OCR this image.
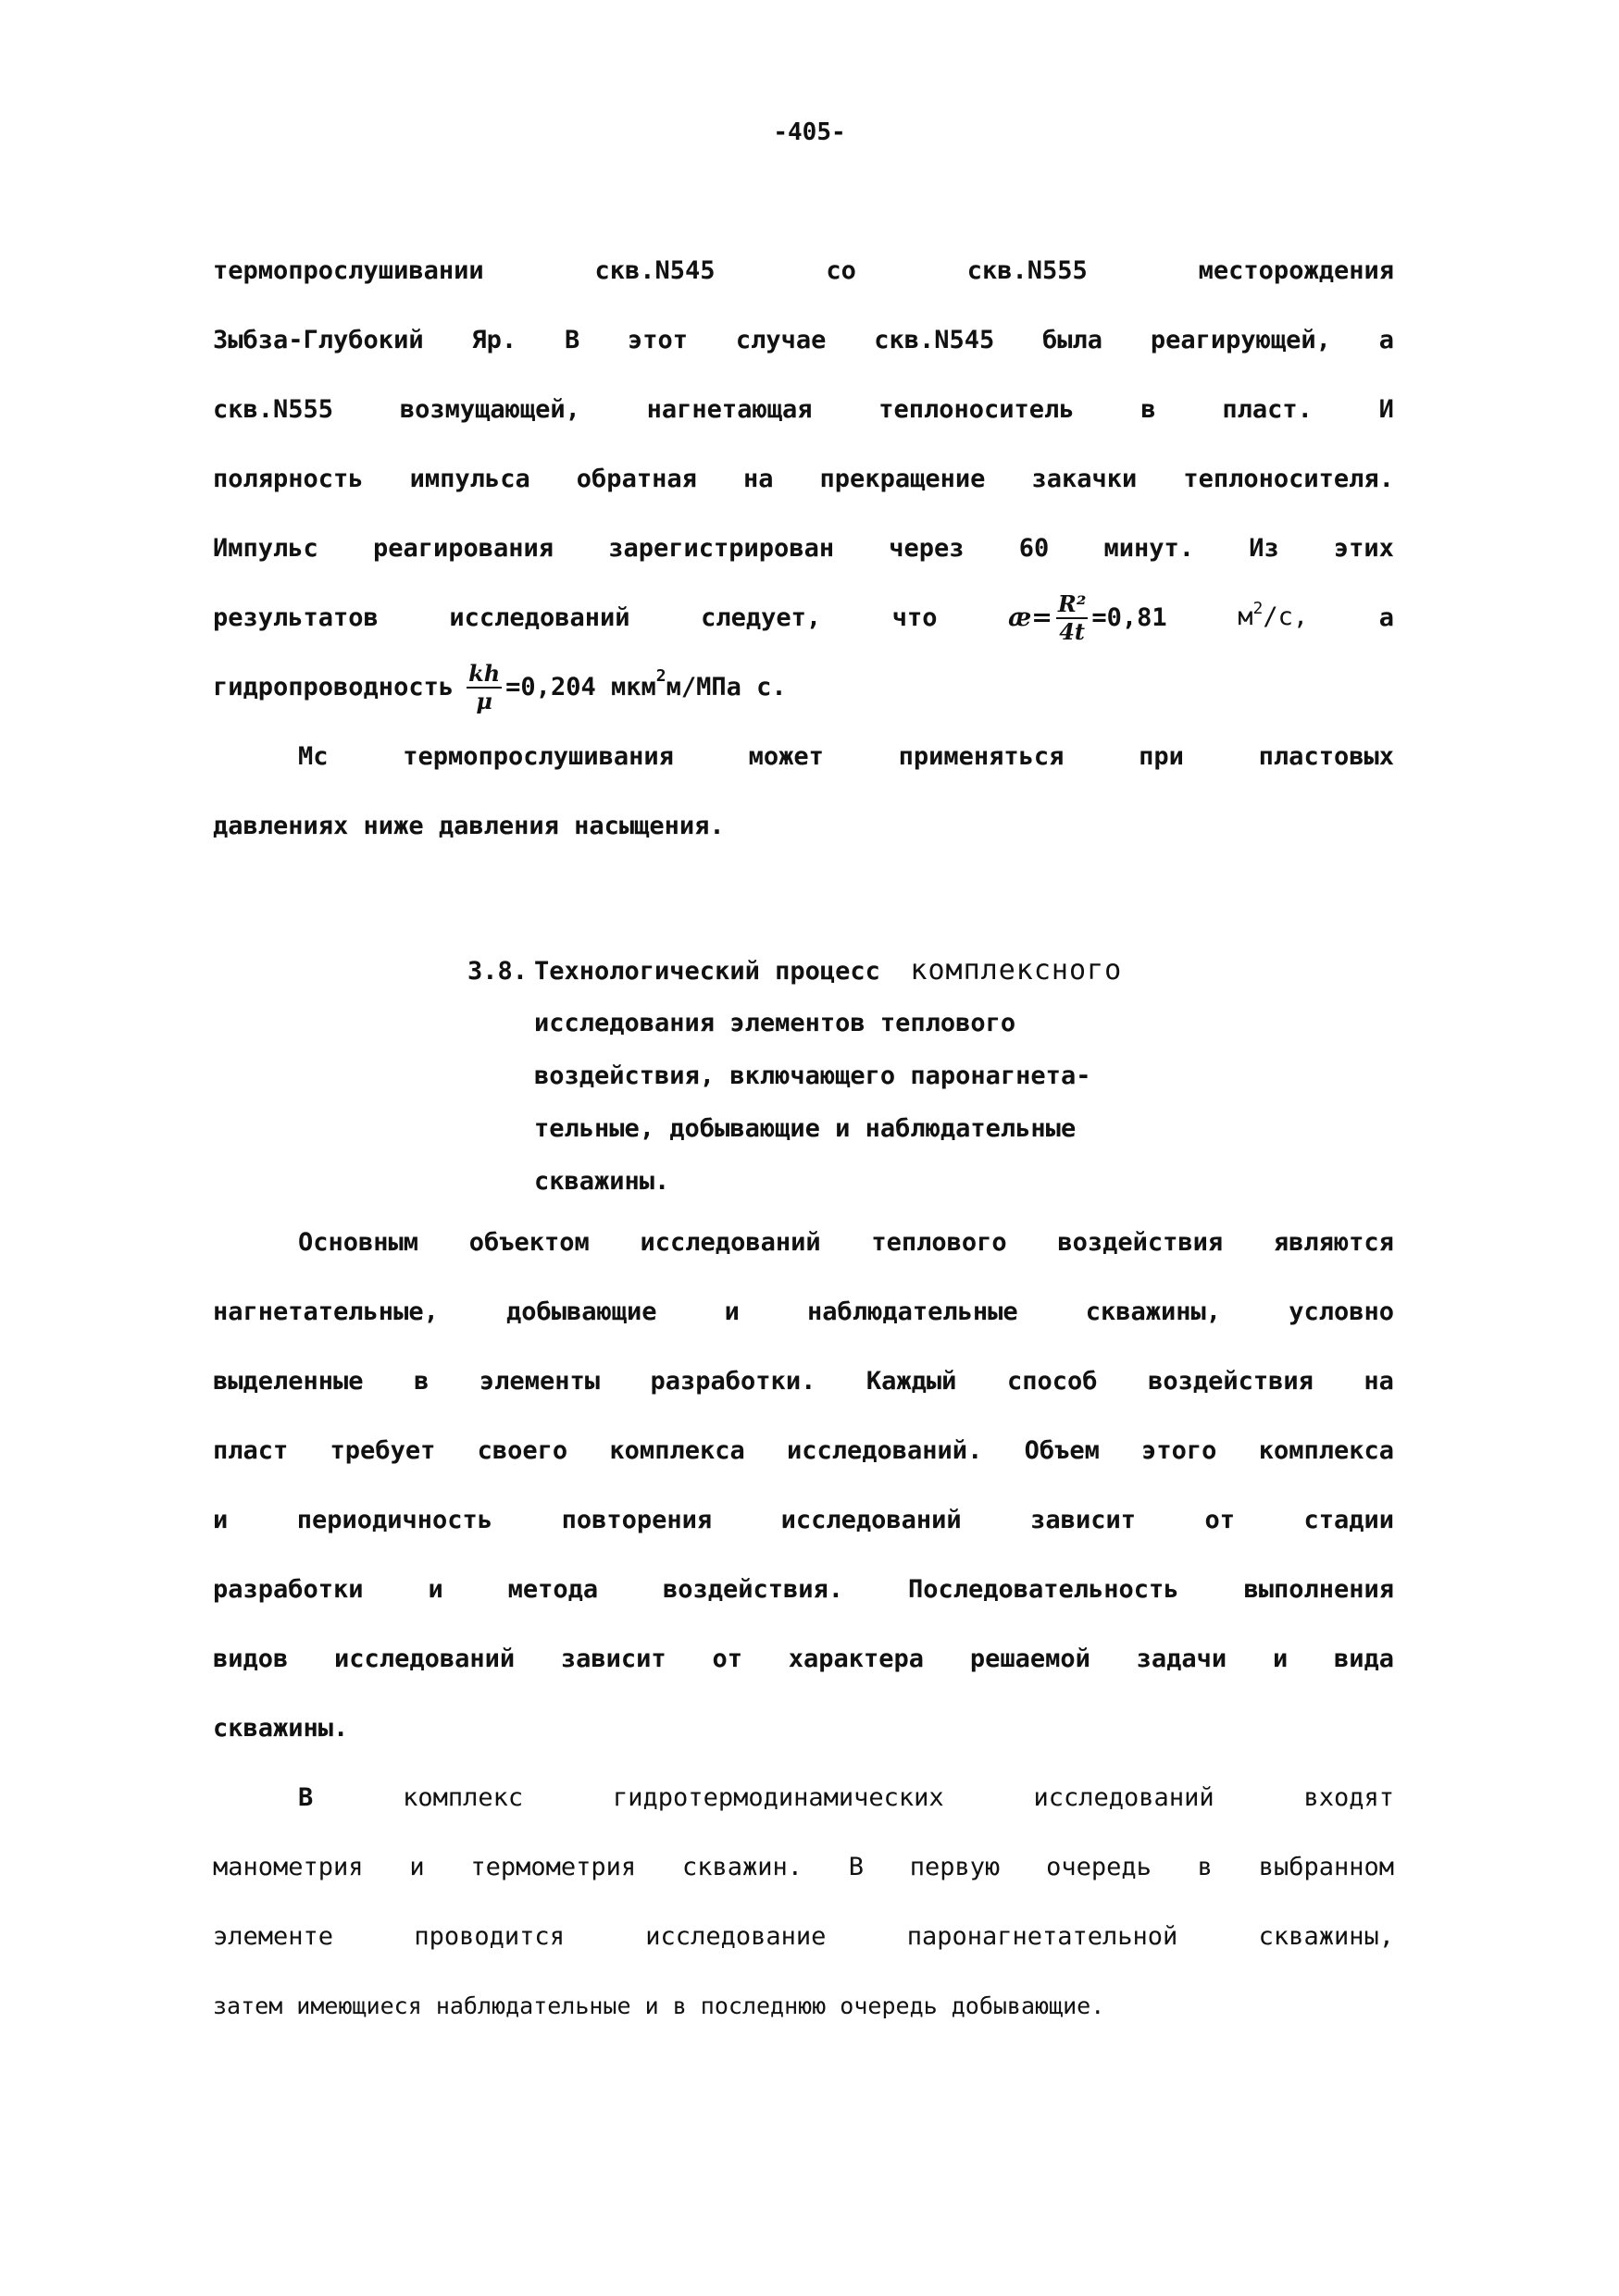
-405-
термопрослушивании	скв.N545	со	скв.N555	месторождения
Зыбза-Глубокий Яр. В этот случае скв.N545 была реагирующей, а
скв.N555	возмущающей,	нагнетающая	теплоноситель	в	пласт.	И
полярность импульса обратная на прекращение закачки теплоносителя.
Импульс реагирования зарегистрирован через 60 минут. Из этих
результатов	исследований	следует,	что	æ= $\frac{\text{R²}}{4t} =0,81$	$м^2/с$,	а
гидропроводность $\frac{kh}{\mu} =0,204$ мкм 2 м/МПа с.
Мс	термопрослушивания	может	применяться	при	пластовых
давлениях ниже давления насыщения.
3.8. Технологический процесс комплексного
исследования элементов теплового
воздействия, включающего паронагнета-
тельные, добывающие и наблюдательные
скважины.
Основным объектом исследований теплового воздействия являются
нагнетательные,	добывающие	и	наблюдательные	скважины,	условно
выделенные в элементы разработки. Каждый способ воздействия на
пласт требует своего комплекса исследований. Объем этого комплекса
и	периодичность	повторения	исследований	зависит	от	стадии
разработки	и	метода	воздействия.	Последовательность	выполнения
видов исследований зависит от характера решаемой задачи и вида
скважины.
В	комплекс	гидротермодинамических	исследований	входят
манометрия и термометрия скважин. В первую очередь в выбранном
элементе	проводится	исследование	паронагнетательной	скважины,
затем имеющиеся наблюдательные и в последнюю очередь добывающие.
